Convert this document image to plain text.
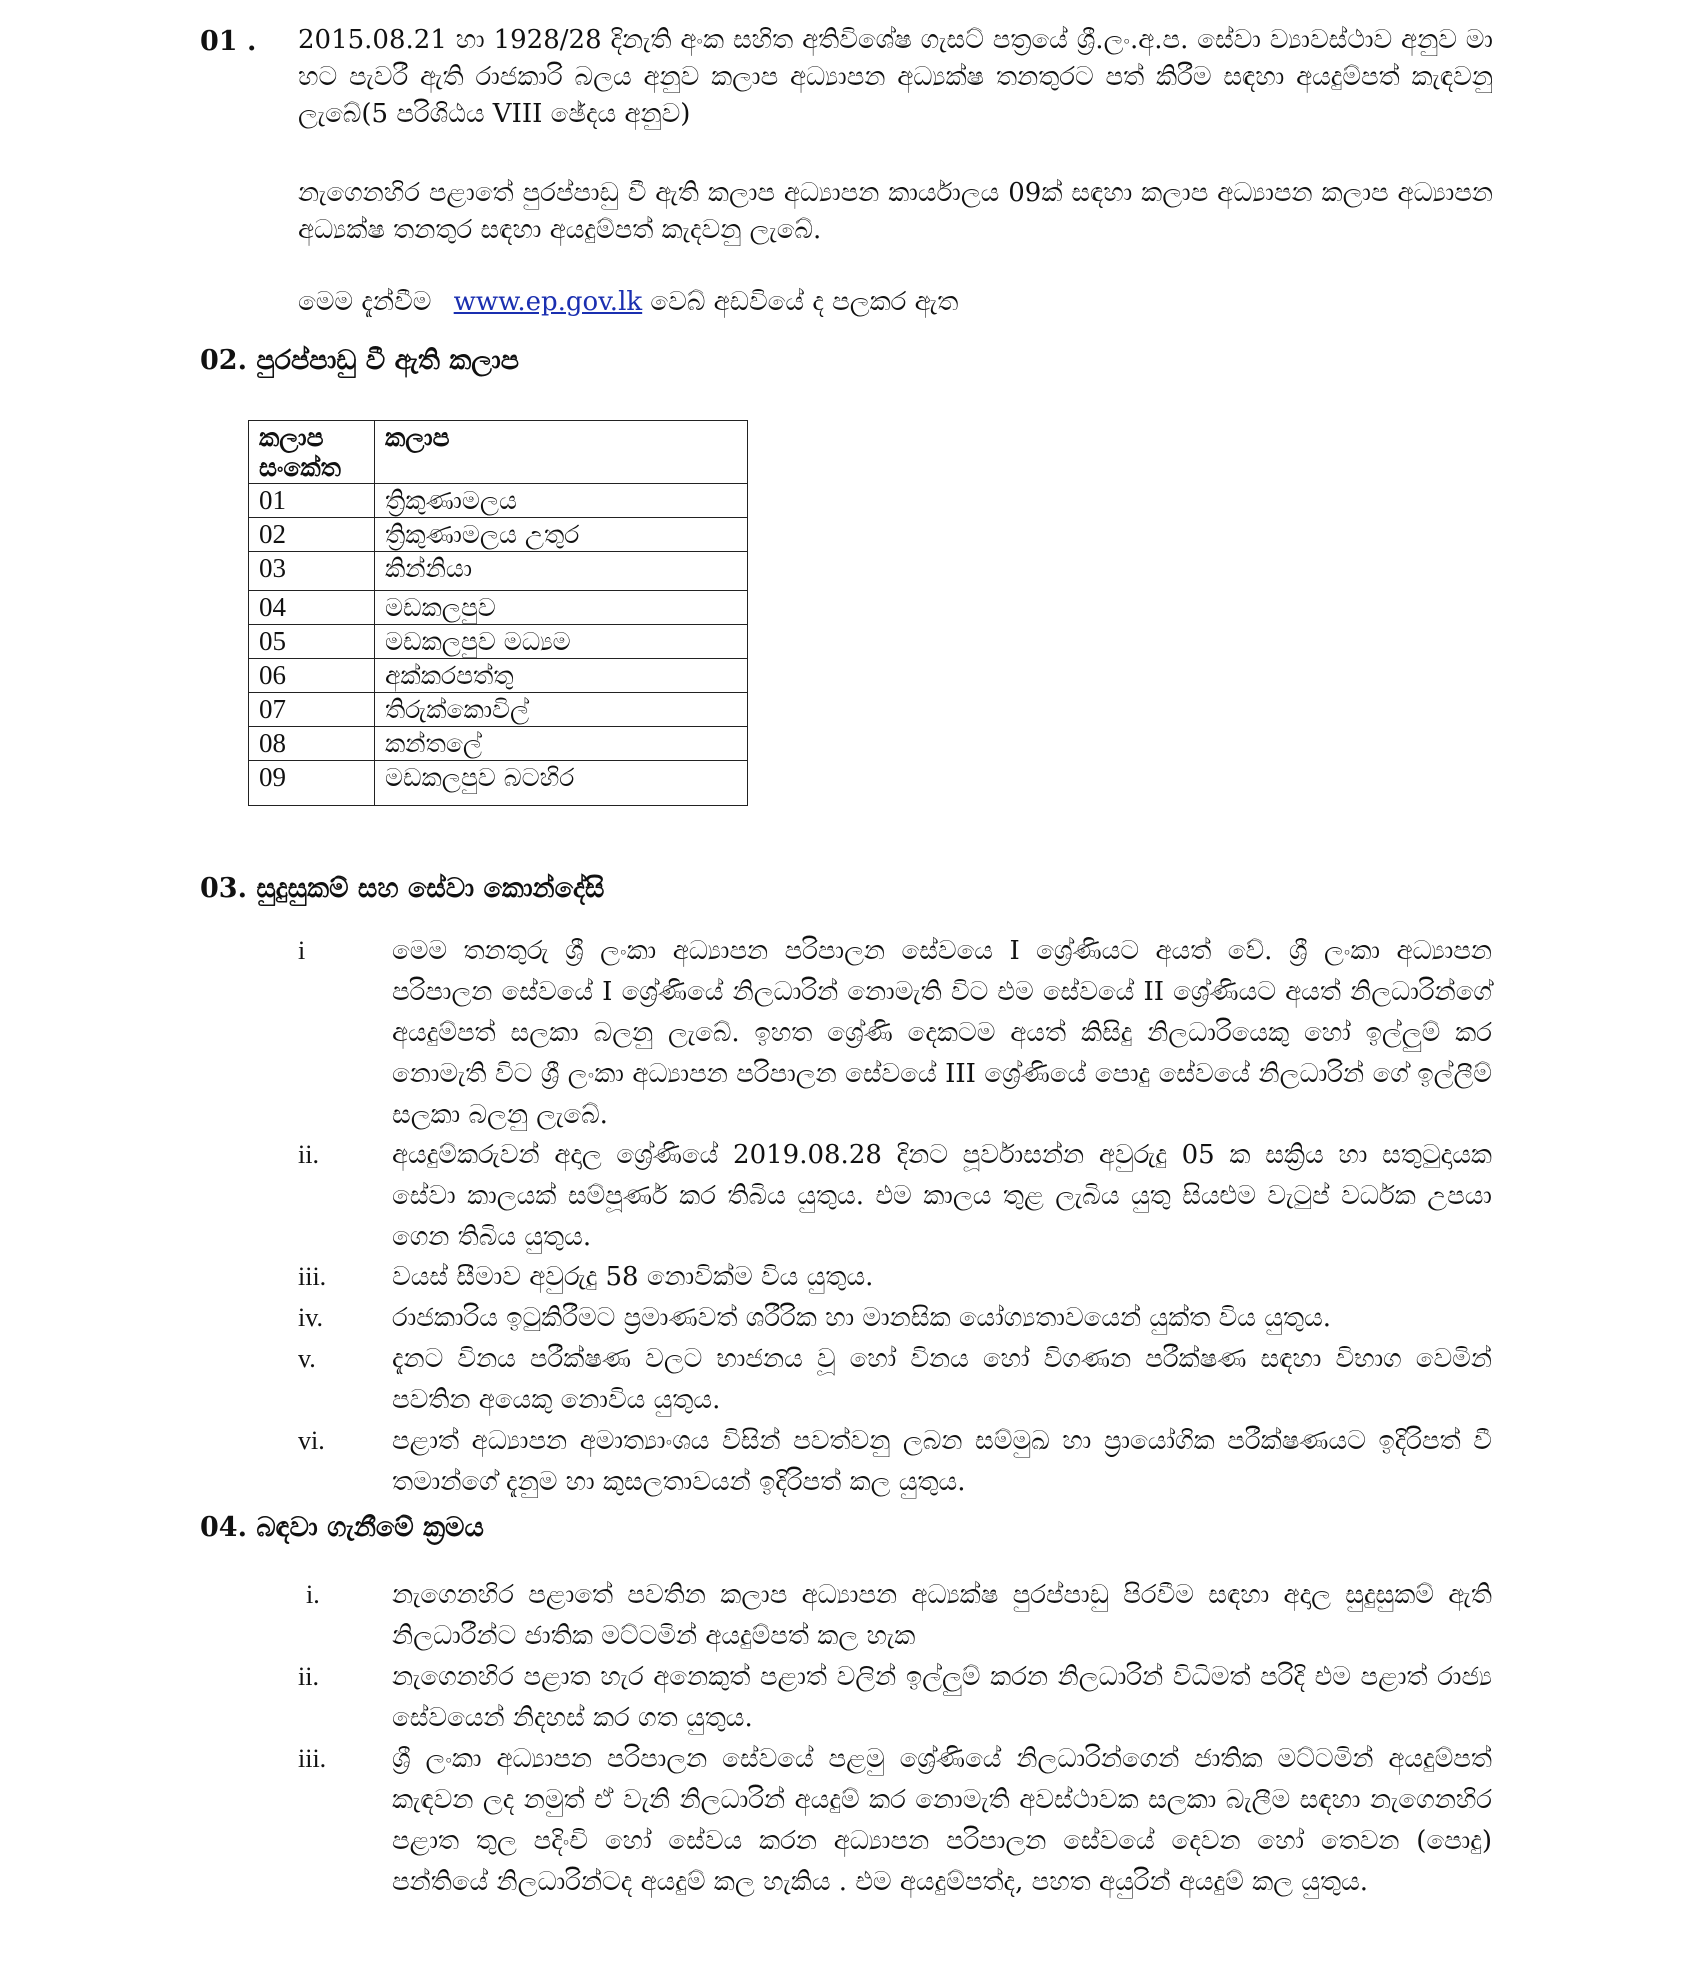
01 . 2015.08.21 හා 1928/28 දිනැති අංක සහිත අතිවිශේෂ ගැසට් පත්‍රයේ ශ්‍රී.ලං.අ.ප. සේවා ව්‍යාවස්ථාව අනුව මා හට පැවරී ඇති රාජකාරි බලය අනුව කලාප අධ්‍යාපන අධ්‍යක්ෂ තනතුරට පත් කිරීම සඳහා අයදුම්පත් කැඳවනු ලැබේ(5 පරිශිඨය VIII ඡේදය අනුව)
නැගෙනහිර පළාතේ පුරප්පාඩු වී ඇති කලාප අධ්‍යාපන කාර්යාලය 09ක් සඳහා කලාප අධ්‍යාපන කලාප අධ්‍යාපන අධ්‍යක්ෂ තනතුර සඳහා අයදුම්පත් කැදවනු ලැබේ.
මෙම දැන්වීම www.ep.gov.lk වෙබ් අඩවියේ ද පලකර ඇත
02. පුරප්පාඩු වී ඇති කලාප
කලාප සංකේත	කලාප
01	ත්‍රිකුණාමලය
02	ත්‍රිකුණාමලය උතුර
03	කින්නියා
04	මඩකලපුව
05	මඩකලපුව මධ්‍යම
06	අක්කරපත්තු
07	තිරුක්කොවිල්
08	කන්තලේ
09	මඩකලපුව බටහිර
03. සුදුසුකම් සහ සේවා කොන්දේසි
i	මෙම තනතුරු ශ්‍රී ලංකා අධ්‍යාපන පරිපාලන සේවයෙ I ශ්‍රේණියට අයත් වේ. ශ්‍රී ලංකා අධ්‍යාපන පරිපාලන සේවයේ I ශ්‍රේණියේ නිලධාරින් නොමැති විට එම සේවයේ II ශ්‍රේණියට අයත් නිලධාරින්ගේ අයදුම්පත් සලකා බලනු ලැබේ. ඉහත ශ්‍රේණි දෙකටම අයත් කිසිදු නිලධාරියෙකු හෝ ඉල්ලුම් කර නොමැති විට ශ්‍රී ලංකා අධ්‍යාපන පරිපාලන සේවයේ III ශ්‍රේණියේ පොදු සේවයේ නිලධාරින් ගේ ඉල්ලීම් සලකා බලනු ලැබේ.
ii.	අයදුම්කරුවන් අදාල ශ්‍රේණියේ 2019.08.28 දිනට පූර්වාසන්න අවුරුදු 05 ක සක්‍රිය හා සතුටුදායක සේවා කාලයක් සම්පූර්ණ කර තිබිය යුතුය. එම කාලය තුළ ලැබිය යුතු සියළුම වැටුප් වර්ධක උපයා ගෙන තිබිය යුතුය.
iii.	වයස් සීමාව අවුරුදු 58 නොවික්ම විය යුතුය.
iv.	රාජකාරිය ඉටුකිරීමට ප්‍රමාණවත් ශරීරික හා මානසික යෝග්‍යතාවයෙන් යුක්ත විය යුතුය.
v.	දැනට විනය පරීක්ෂණ වලට භාජනය වූ හෝ විනය හෝ විගණන පරීක්ෂණ සඳහා විභාග වෙමින් පවතින අයෙකු නොවිය යුතුය.
vi.	පළාත් අධ්‍යාපන අමාත්‍යාංශය විසින් පවත්වනු ලබන සම්මුඛ හා ප්‍රායෝගික පරීක්ෂණයට ඉදිරිපත් වී තමාන්ගේ දැනුම හා කුසලතාවයන් ඉදිරිපත් කල යුතුය.
04. බඳවා ගැනීමේ ක්‍රමය
i.	නැගෙනහිර පළාතේ පවතින කලාප අධ්‍යාපන අධ්‍යක්ෂ පුරප්පාඩු පිරවීම සඳහා අදාල සුදුසුකම් ඇති නිලධාරීන්ට ජාතික මට්ටමින් අයදුම්පත් කල හැක
ii.	නැගෙනහිර පළාත හැර අනෙකුත් පළාත් වලින් ඉල්ලුම් කරන නිලධාරින් විධිමත් පරිදි එම පළාත් රාජ්‍ය සේවයෙන් නිදහස් කර ගත යුතුය.
iii.	ශ්‍රී ලංකා අධ්‍යාපන පරිපාලන සේවයේ පළමු ශ්‍රේණියේ නිලධාරින්ගෙන් ජාතික මට්ටමින් අයදුම්පත් කැඳවන ලද නමුත් ඒ වැනි නිලධාරින් අයදුම් කර නොමැති අවස්ථාවක සලකා බැලීම සඳහා නැගෙනහිර පළාත තුල පදිංචි හෝ සේවය කරන අධ්‍යාපන පරිපාලන සේවයේ දෙවන හෝ තෙවන (පොදු) පන්තියේ නිලධාරින්ටද අයදුම් කල හැකිය . එම අයදුම්පත්ද, පහත අයුරින් අයදුම් කල යුතුය.
